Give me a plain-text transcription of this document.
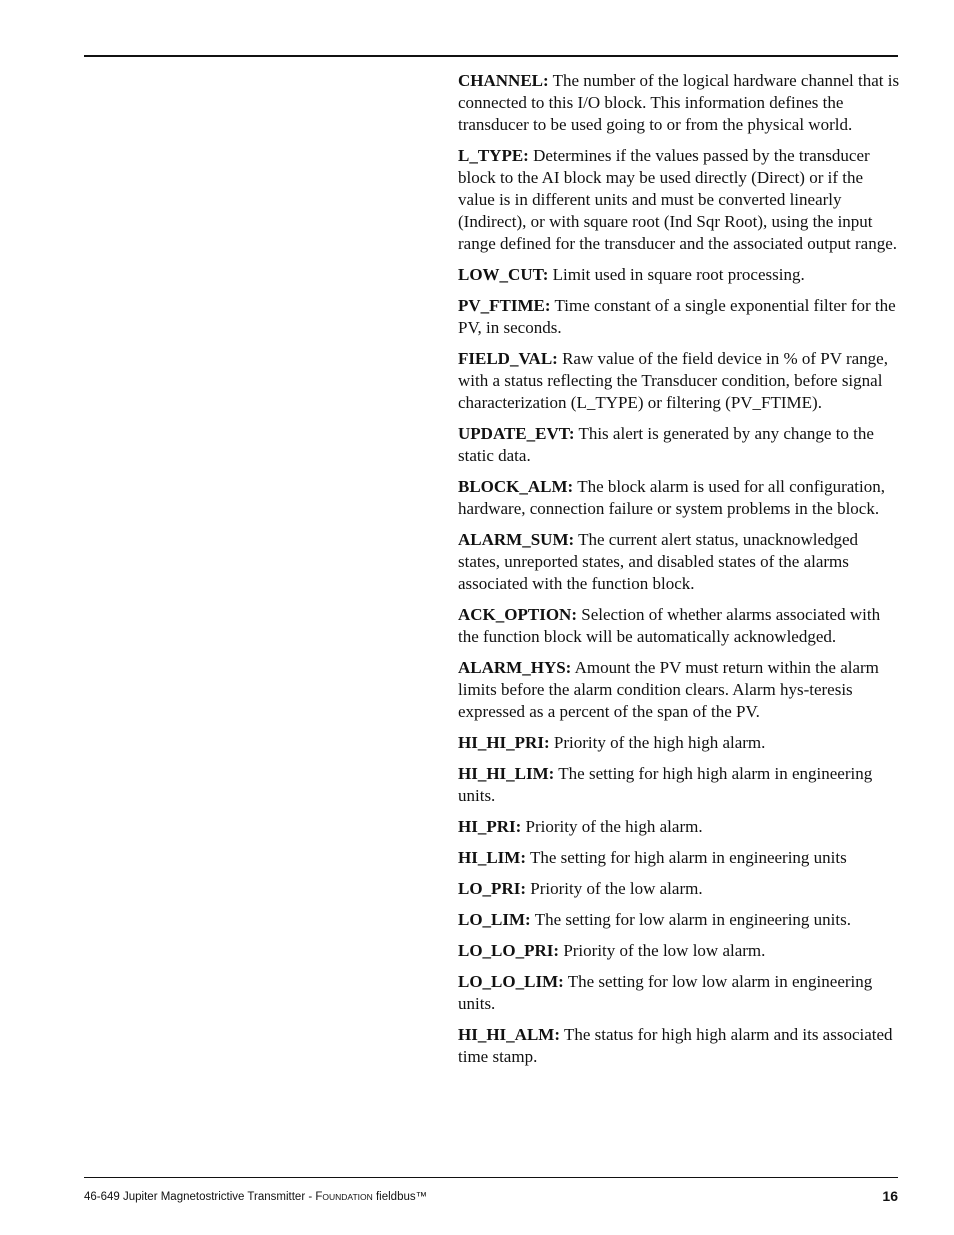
CHANNEL: The number of the logical hardware channel that is connected to this I/O block. This information defines the transducer to be used going to or from the physical world.

L_TYPE: Determines if the values passed by the transducer block to the AI block may be used directly (Direct) or if the value is in different units and must be converted linearly (Indirect), or with square root (Ind Sqr Root), using the input range defined for the transducer and the associated output range.

LOW_CUT: Limit used in square root processing.

PV_FTIME: Time constant of a single exponential filter for the PV, in seconds.

FIELD_VAL: Raw value of the field device in % of PV range, with a status reflecting the Transducer condition, before signal characterization (L_TYPE) or filtering (PV_FTIME).

UPDATE_EVT: This alert is generated by any change to the static data.

BLOCK_ALM: The block alarm is used for all configuration, hardware, connection failure or system problems in the block.

ALARM_SUM: The current alert status, unacknowledged states, unreported states, and disabled states of the alarms associated with the function block.

ACK_OPTION: Selection of whether alarms associated with the function block will be automatically acknowledged.

ALARM_HYS: Amount the PV must return within the alarm limits before the alarm condition clears. Alarm hys-teresis expressed as a percent of the span of the PV.

HI_HI_PRI: Priority of the high high alarm.

HI_HI_LIM: The setting for high high alarm in engineering units.

HI_PRI: Priority of the high alarm.

HI_LIM: The setting for high alarm in engineering units

LO_PRI: Priority of the low alarm.

LO_LIM: The setting for low alarm in engineering units.

LO_LO_PRI: Priority of the low low alarm.

LO_LO_LIM: The setting for low low alarm in engineering units.

HI_HI_ALM: The status for high high alarm and its associated time stamp.

46-649 Jupiter Magnetostrictive Transmitter - FOUNDATION fieldbus™	16
